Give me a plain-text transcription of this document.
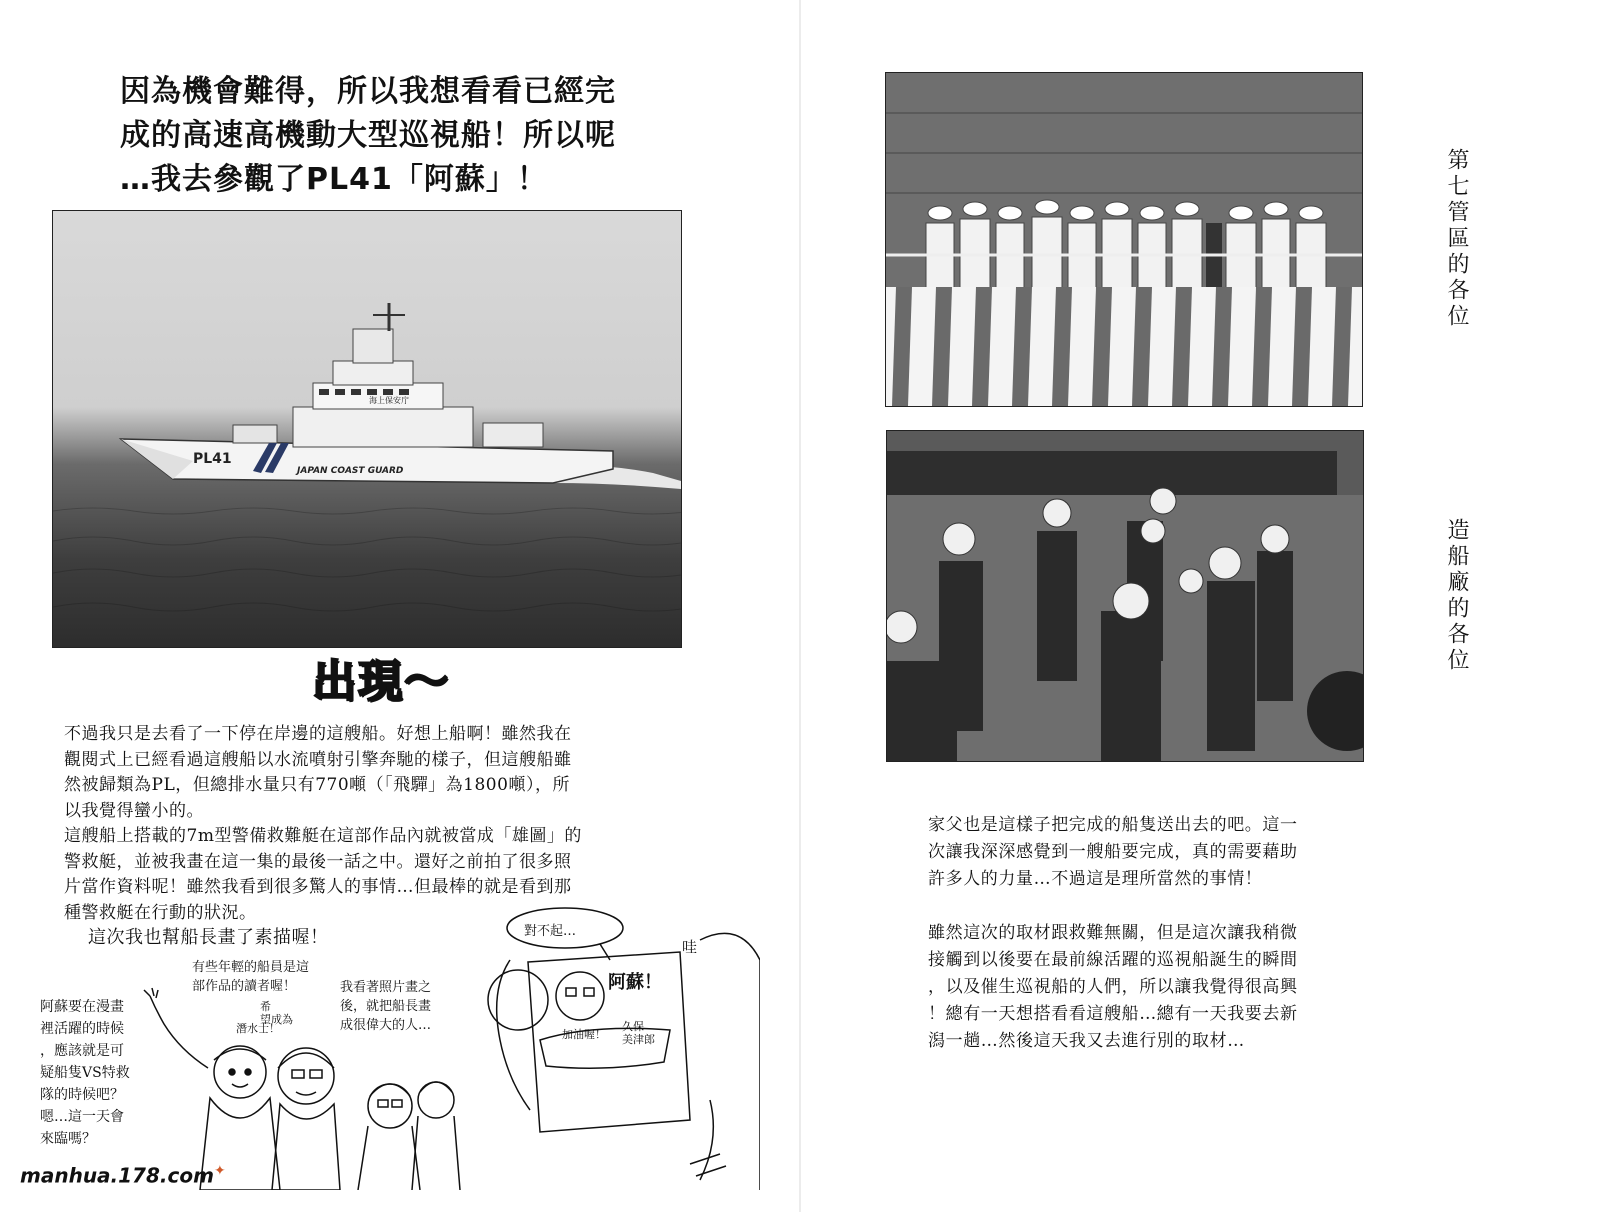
因為機會難得，所以我想看看已經完
成的高速高機動大型巡視船！所以呢
…我去參觀了PL41「阿蘇」！
PL41
JAPAN COAST GUARD
海上保安庁
出現～

不過我只是去看了一下停在岸邊的這艘船。好想上船啊！雖然我在

觀閱式上已經看過這艘船以水流噴射引擎奔馳的樣子，但這艘船雖

然被歸類為PL，但總排水量只有770噸（「飛驒」為1800噸），所

以我覺得蠻小的。

這艘船上搭載的7m型警備救難艇在這部作品內就被當成「雄圖」的

警救艇，並被我畫在這一集的最後一話之中。還好之前拍了很多照

片當作資料呢！雖然我看到很多驚人的事情…但最棒的就是看到那

種警救艇在行動的狀況。

這次我也幫船長畫了素描喔！
阿蘇要在漫畫
裡活躍的時候
，應該就是可
疑船隻VS特救
隊的時候吧？
嗯…這一天會
來臨嗎？
有些年輕的船員是這
部作品的讀者喔！
希
望成為
潛水士！
我看著照片畫之
後，就把船長畫
成很偉大的人…
對不起…
哇
阿蘇！
加油喔！
久保
美津郎
manhua.178.com✦
第七管區的各位
造船廠的各位

家父也是這樣子把完成的船隻送出去的吧。這一

次讓我深深感覺到一艘船要完成，真的需要藉助

許多人的力量…不過這是理所當然的事情！

雖然這次的取材跟救難無關，但是這次讓我稍微

接觸到以後要在最前線活躍的巡視船誕生的瞬間

，以及催生巡視船的人們，所以讓我覺得很高興

！總有一天想搭看看這艘船…總有一天我要去新

潟一趟…然後這天我又去進行別的取材…
